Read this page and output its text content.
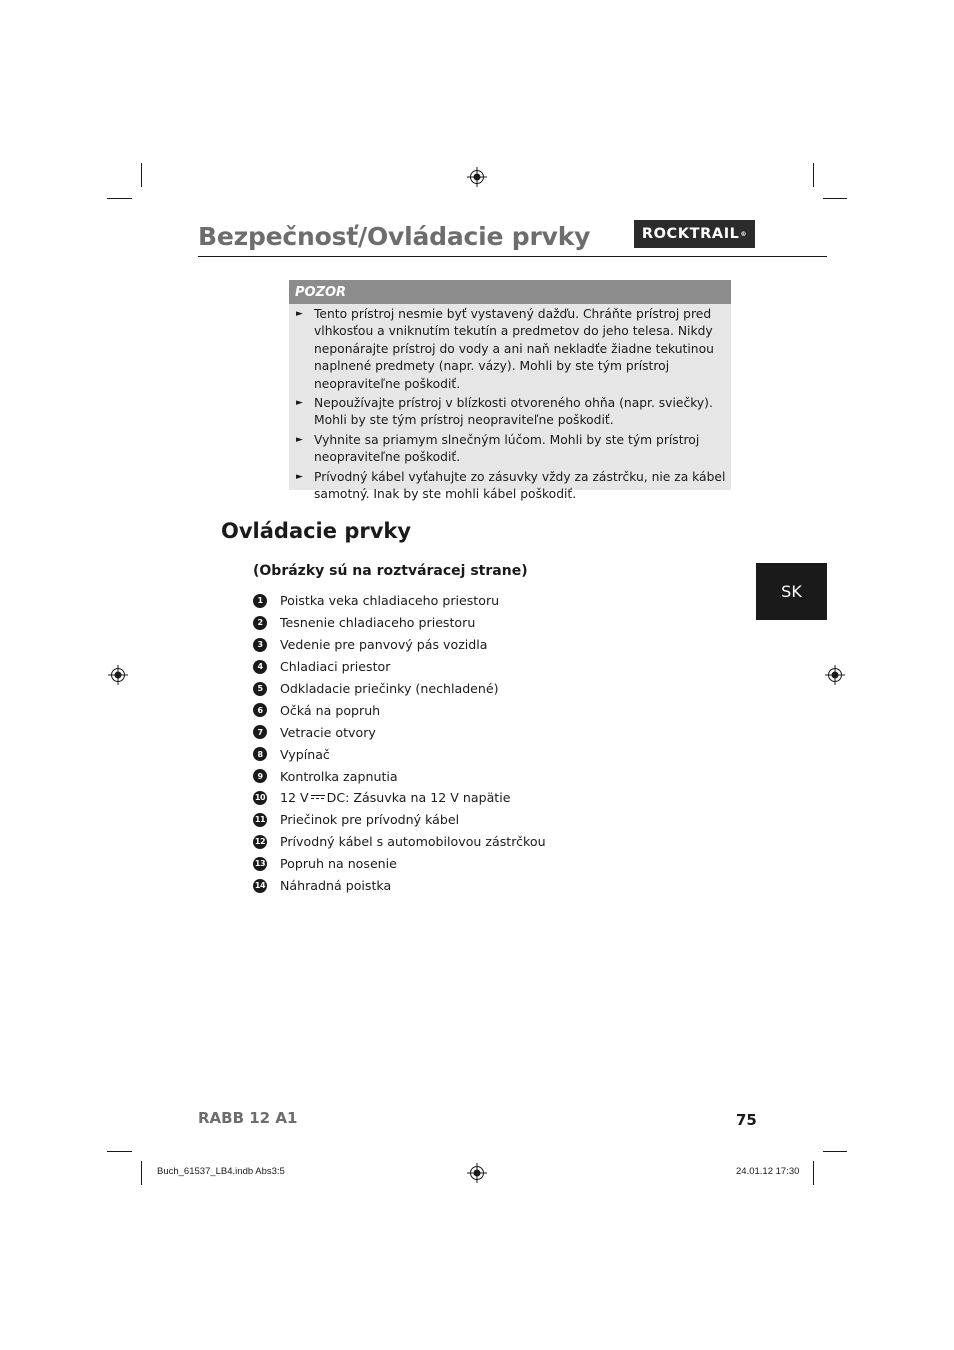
Bezpečnosť/Ovládacie prvky	ROCKTRAIL ®
POZOR
► Tento prístroj nesmie byť vystavený dažďu. Chráňte prístroj pred vlhkosťou a vniknutím tekutín a predmetov do jeho telesa. Nikdy neponárajte prístroj do vody a ani naň nekladťe žiadne tekutinou naplnené predmety (napr. vázy). Mohli by ste tým prístroj neopraviteľne poškodiť.
► Nepoužívajte prístroj v blízkosti otvoreného ohňa (napr. sviečky). Mohli by ste tým prístroj neopraviteľne poškodiť.
► Vyhnite sa priamym slnečným lúčom. Mohli by ste tým prístroj neopraviteľne poškodiť.
► Prívodný kábel vyťahujte zo zásuvky vždy za zástrčku, nie za kábel samotný. Inak by ste mohli kábel poškodiť.
Ovládacie prvky
(Obrázky sú na roztváracej strane)
SK
1	Poistka veka chladiaceho priestoru
2	Tesnenie chladiaceho priestoru
3	Vedenie pre panvový pás vozidla
4	Chladiaci priestor
5	Odkladacie priečinky (nechladené)
6	Očká na popruh
7	Vetracie otvory
8	Vypínač
9	Kontrolka zapnutia
10 12 V DC: Zásuvka na 12 V napätie
11 Priečinok pre prívodný kábel
12 Prívodný kábel s automobilovou zástrčkou
13 Popruh na nosenie
14 Náhradná poistka
RABB 12 A1	75
Buch_61537_LB4.indb Abs3:5	24.01.12 17:30
